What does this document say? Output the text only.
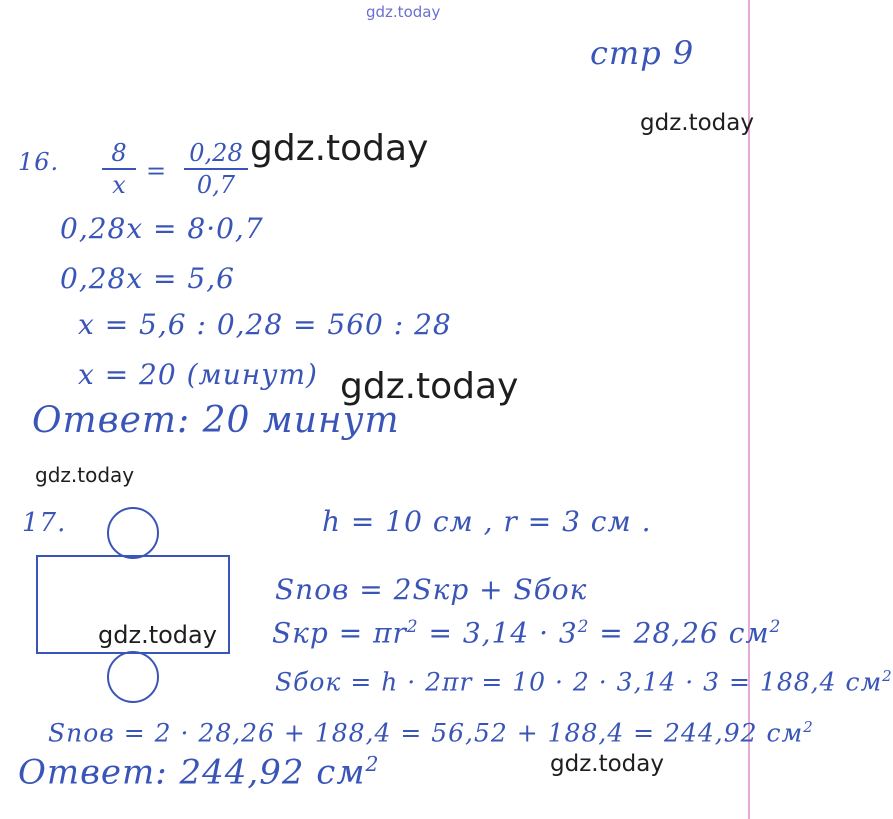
gdz.today
gdz.today
gdz.today
gdz.today
gdz.today
gdz.today
gdz.today
стр 9
16.	8
x =
0,28
0,7
0,28x = 8·0,7
0,28x = 5,6
x = 5,6 : 0,28 = 560 : 28
x = 20 (минут)
Ответ: 20 минут
17.	h = 10 см , r = 3 см .
Sпов = 2Sкр + Sбок
Sкр = $\pi r^2 = 3,14 \cdot 3^2 = 28,26$ $см^2$
Sбок = h · 2πr = 10 · 2 · 3,14 · 3 = 188,4 $см^2$
Sпов = 2 · 28,26 + 188,4 = 56,52 + 188,4 = 244,92 $см^2$
Ответ: 244,92 $см^2$
